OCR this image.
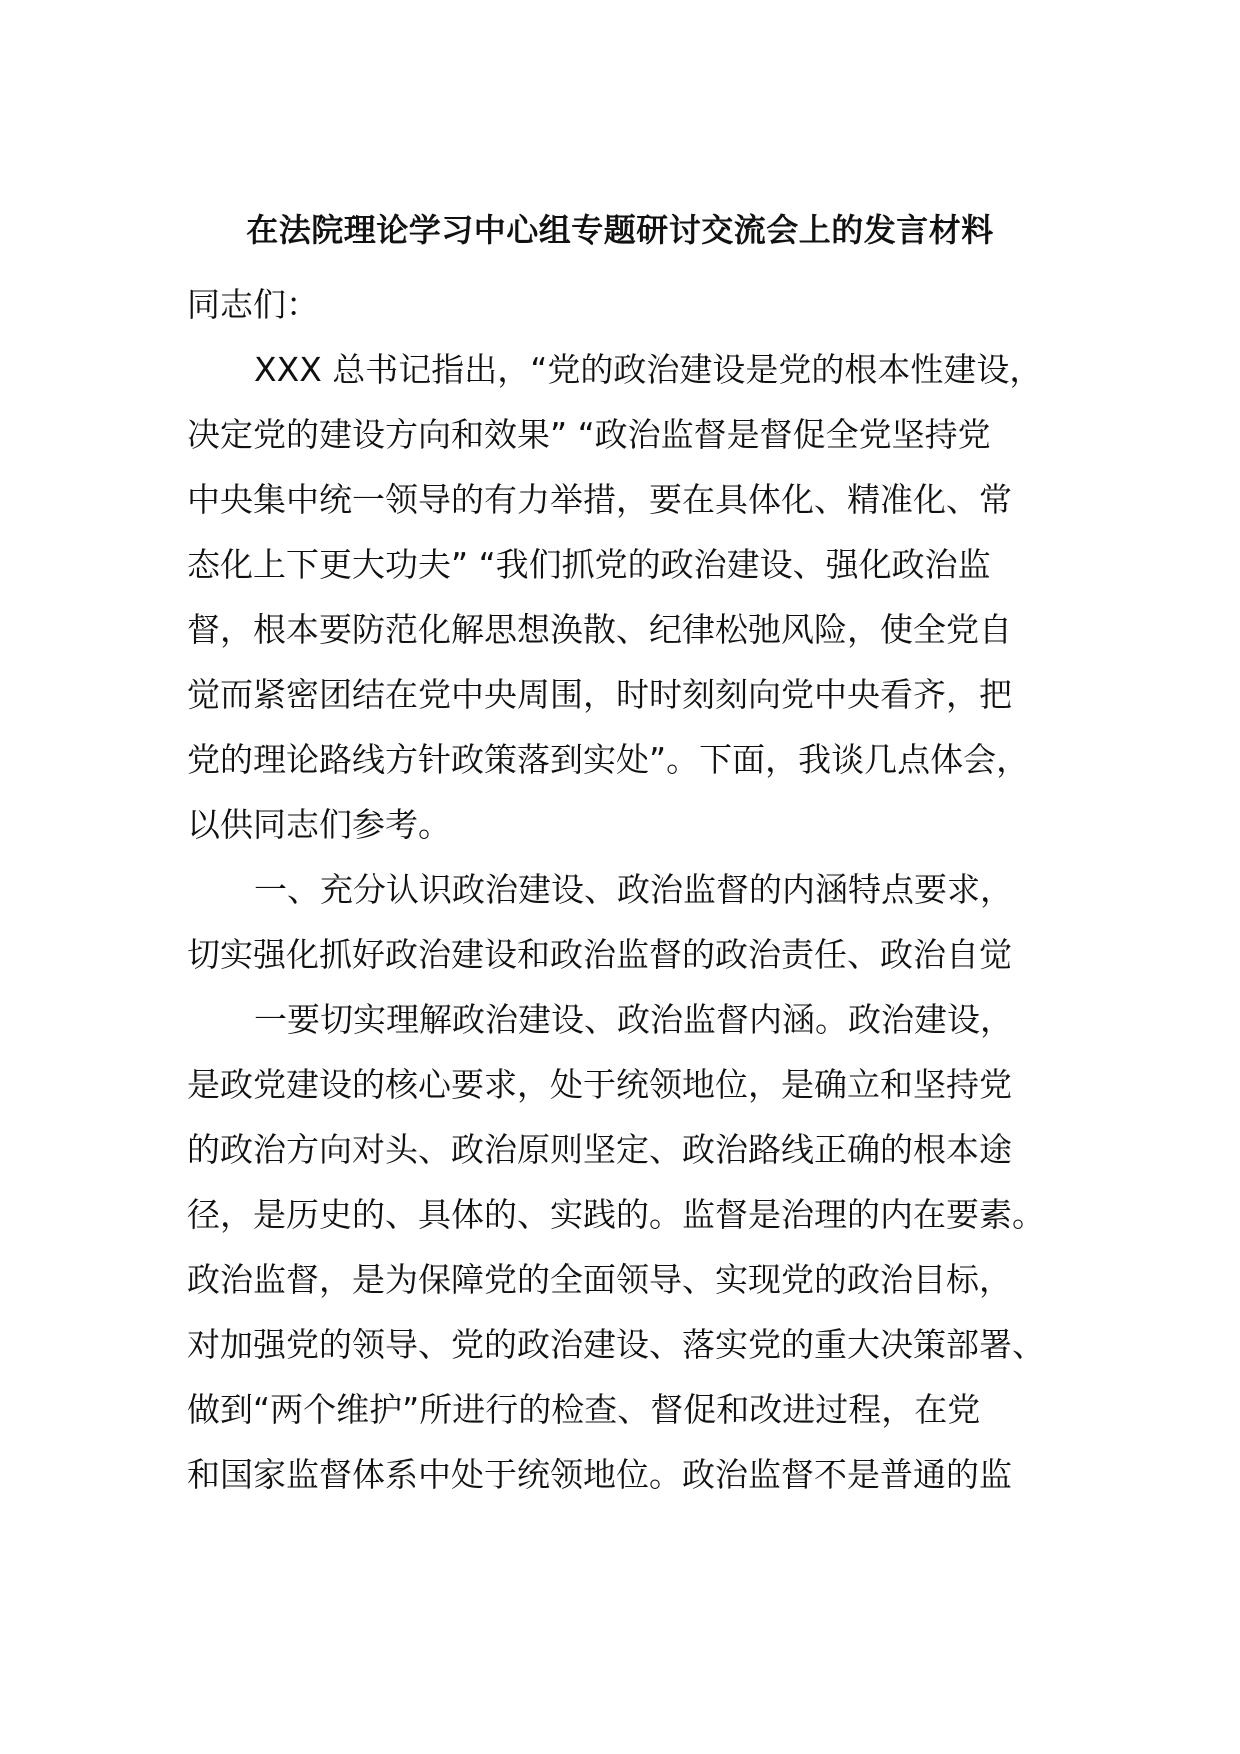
在法院理论学习中心组专题研讨交流会上的发言材料
同志们：
XXX 总书记指出，“党的政治建设是党的根本性建设，
决定党的建设方向和效果” “政治监督是督促全党坚持党
中央集中统一领导的有力举措，要在具体化、精准化、常
态化上下更大功夫” “我们抓党的政治建设、强化政治监
督，根本要防范化解思想涣散、纪律松弛风险，使全党自
觉而紧密团结在党中央周围，时时刻刻向党中央看齐，把
党的理论路线方针政策落到实处”。下面，我谈几点体会，
以供同志们参考。
一、充分认识政治建设、政治监督的内涵特点要求，
切实强化抓好政治建设和政治监督的政治责任、政治自觉
一要切实理解政治建设、政治监督内涵。政治建设，
是政党建设的核心要求，处于统领地位，是确立和坚持党
的政治方向对头、政治原则坚定、政治路线正确的根本途
径，是历史的、具体的、实践的。监督是治理的内在要素。
政治监督，是为保障党的全面领导、实现党的政治目标，
对加强党的领导、党的政治建设、落实党的重大决策部署、
做到“两个维护”所进行的检查、督促和改进过程，在党
和国家监督体系中处于统领地位。政治监督不是普通的监
